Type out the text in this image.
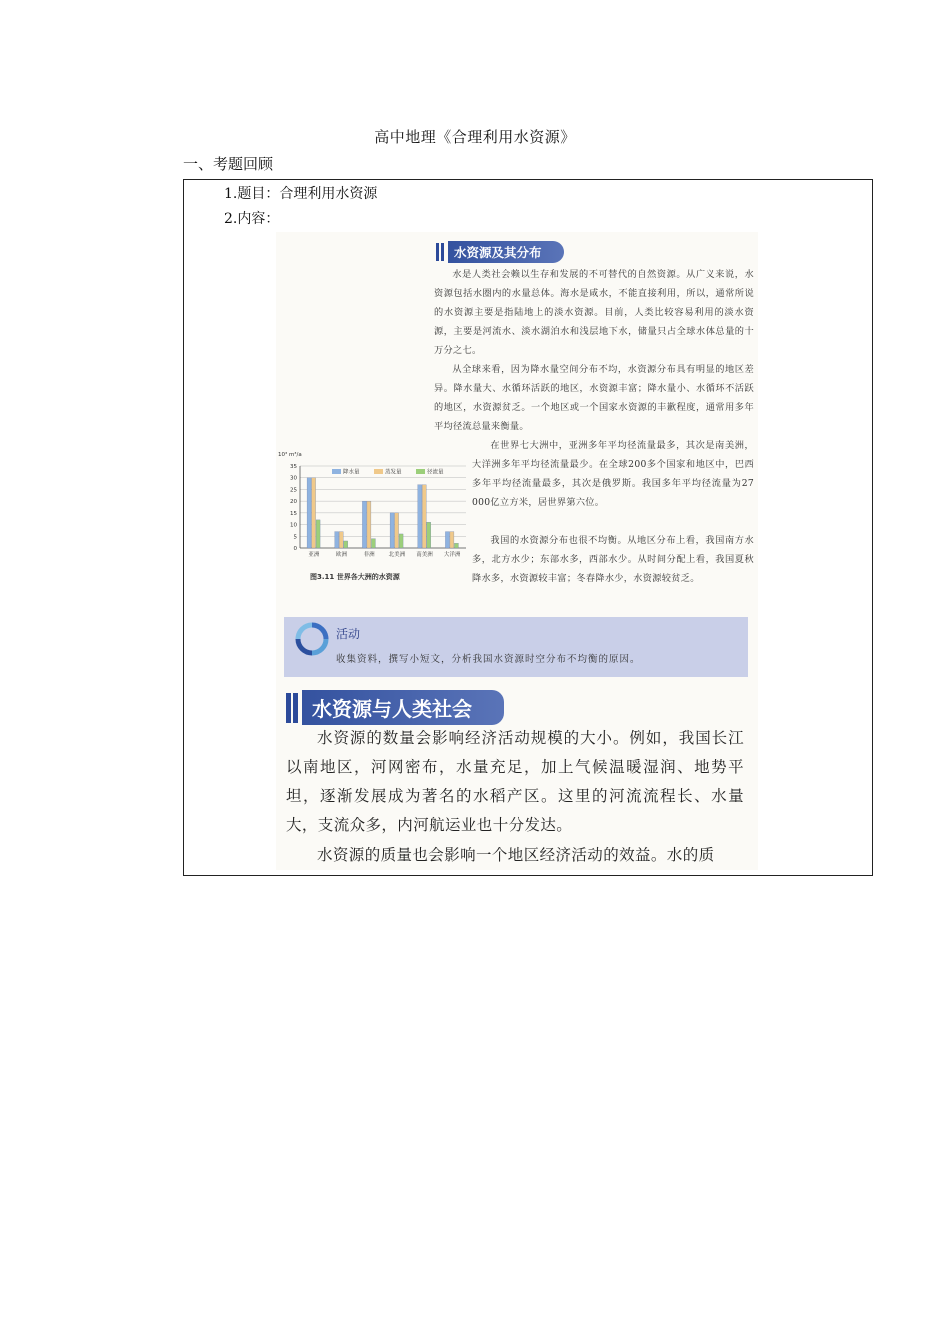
高中地理《合理利用水资源》
一、考题回顾
1.题目：合理利用水资源
2.内容：
水资源及其分布

水是人类社会赖以生存和发展的不可替代的自然资源。从广义来说，水资源包括水圈内的水量总体。海水是咸水，不能直接利用，所以，通常所说的水资源主要是指陆地上的淡水资源。目前，人类比较容易利用的淡水资源，主要是河流水、淡水湖泊水和浅层地下水，储量只占全球水体总量的十万分之七。

从全球来看，因为降水量空间分布不均，水资源分布具有明显的地区差异。降水量大、水循环活跃的地区，水资源丰富；降水量小、水循环不活跃的地区，水资源贫乏。一个地区或一个国家水资源的丰歉程度，通常用多年平均径流总量来衡量。

在世界七大洲中，亚洲多年平均径流量最多，其次是南美洲，大洋洲多年平均径流量最少。在全球200多个国家和地区中，巴西多年平均径流量最多，其次是俄罗斯。我国多年平均径流量为27 000亿立方米，居世界第六位。

我国的水资源分布也很不均衡。从地区分布上看，我国南方水多，北方水少；东部水多，西部水少。从时间分配上看，我国夏秋降水多，水资源较丰富；冬春降水少，水资源较贫乏。

10³ m³/a
0
5
10
15
20
25
30
35
降水量	蒸发量	径流量
亚洲	欧洲	非洲	北美洲 南美洲 大洋洲
图3.11 世界各大洲的水资源
活动
收集资料，撰写小短文，分析我国水资源时空分布不均衡的原因。
水资源与人类社会

水资源的数量会影响经济活动规模的大小。例如，我国长江以南地区，河网密布，水量充足，加上气候温暖湿润、地势平坦，逐渐发展成为著名的水稻产区。这里的河流流程长、水量大，支流众多，内河航运业也十分发达。

水资源的质量也会影响一个地区经济活动的效益。水的质
